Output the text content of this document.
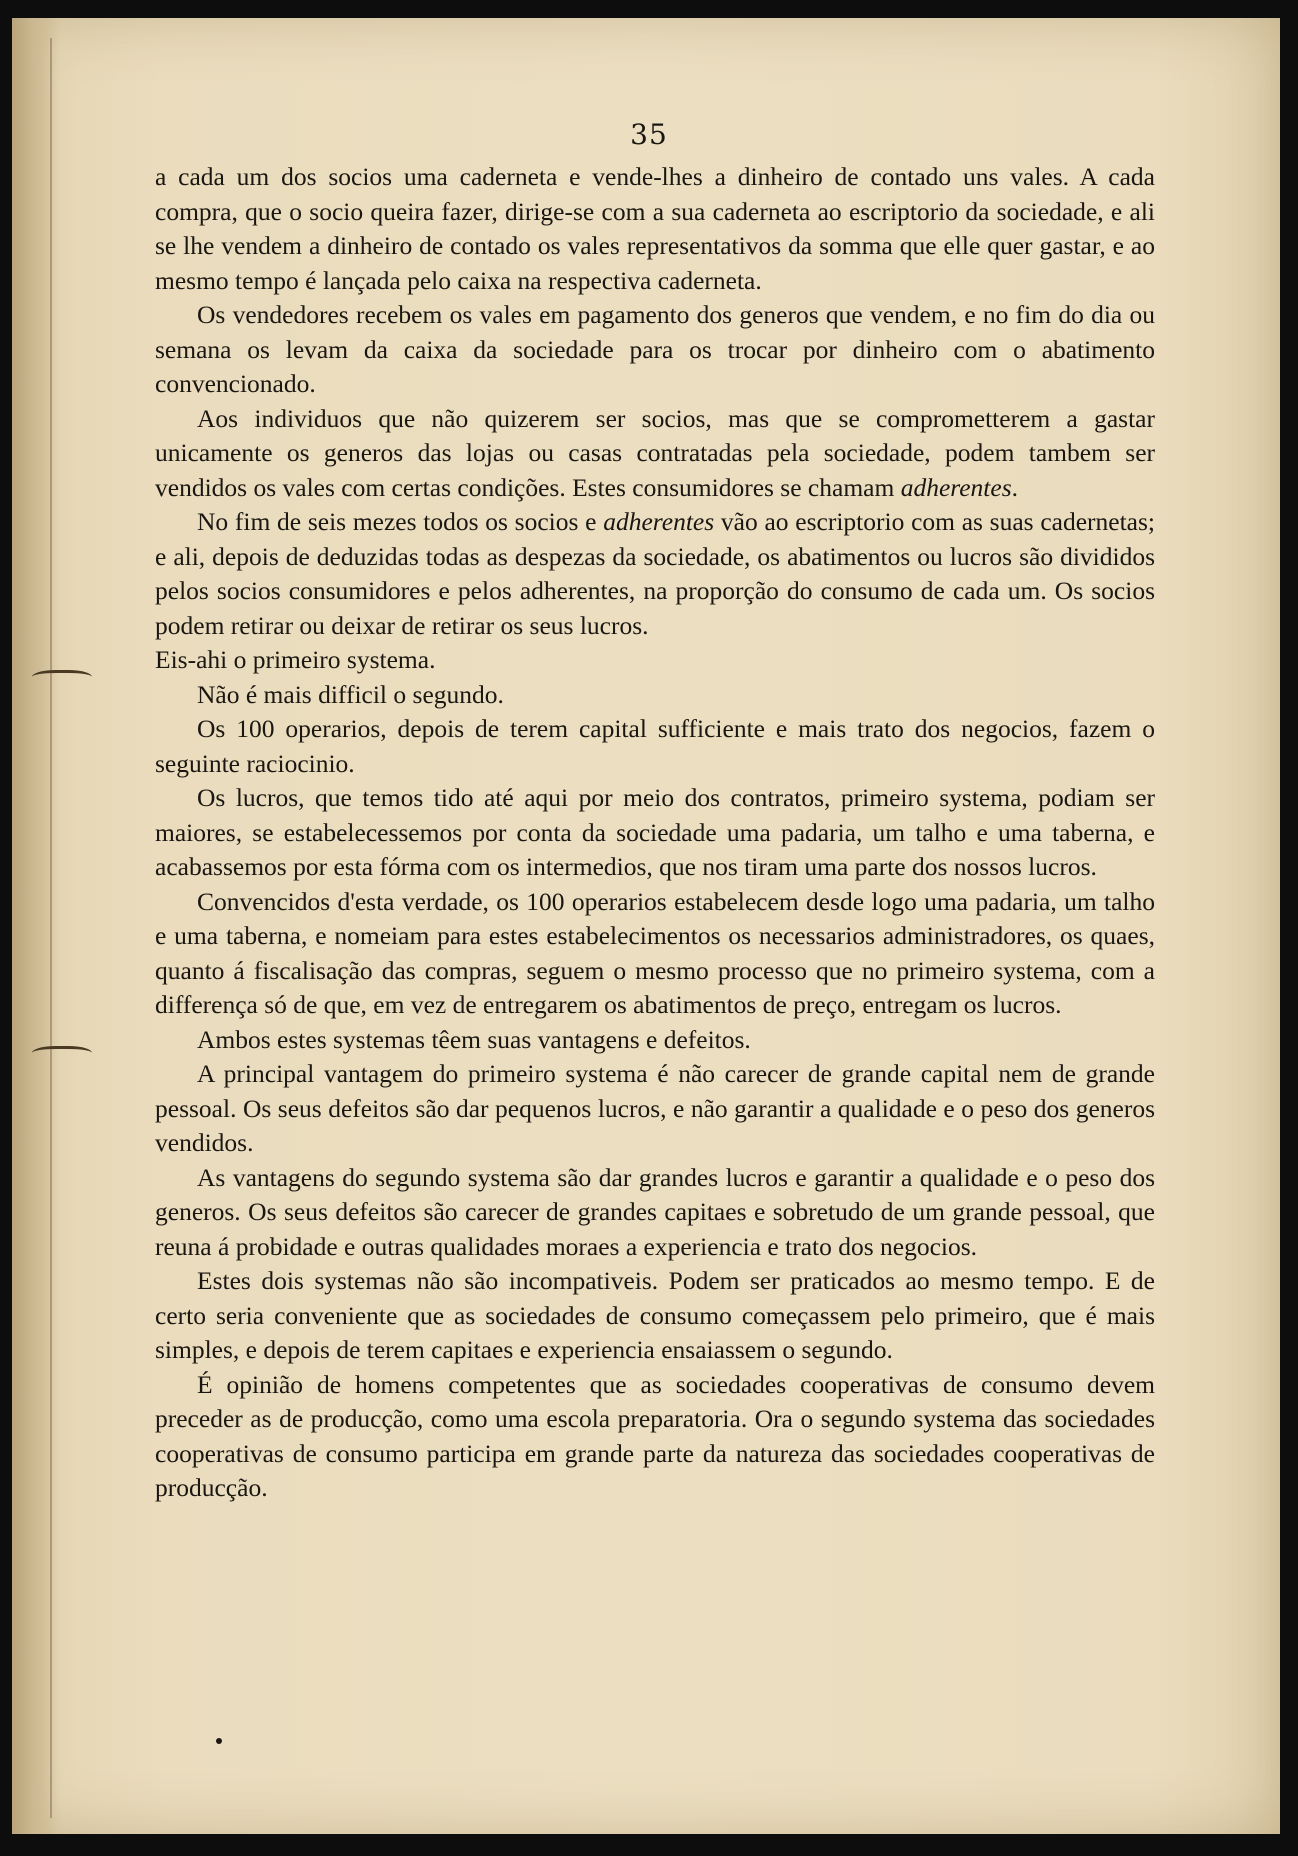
35

a cada um dos socios uma caderneta e vende-lhes a dinheiro de contado uns vales. A cada compra, que o socio queira fazer, dirige-se com a sua caderneta ao escriptorio da sociedade, e ali se lhe vendem a dinheiro de contado os vales representativos da somma que elle quer gastar, e ao mesmo tempo é lançada pelo caixa na respectiva caderneta.

Os vendedores recebem os vales em pagamento dos generos que vendem, e no fim do dia ou semana os levam da caixa da sociedade para os trocar por dinheiro com o abatimento convencionado.

Aos individuos que não quizerem ser socios, mas que se comprometterem a gastar unicamente os generos das lojas ou casas contratadas pela sociedade, podem tambem ser vendidos os vales com certas condições. Estes consumidores se chamam adherentes.

No fim de seis mezes todos os socios e adherentes vão ao escriptorio com as suas cadernetas; e ali, depois de deduzidas todas as despezas da sociedade, os abatimentos ou lucros são divididos pelos socios consumidores e pelos adherentes, na proporção do consumo de cada um. Os socios podem retirar ou deixar de retirar os seus lucros.
Eis-ahi o primeiro systema.

Não é mais difficil o segundo.

Os 100 operarios, depois de terem capital sufficiente e mais trato dos negocios, fazem o seguinte raciocinio.

Os lucros, que temos tido até aqui por meio dos contratos, primeiro systema, podiam ser maiores, se estabelecessemos por conta da sociedade uma padaria, um talho e uma taberna, e acabassemos por esta fórma com os intermedios, que nos tiram uma parte dos nossos lucros.

Convencidos d'esta verdade, os 100 operarios estabelecem desde logo uma padaria, um talho e uma taberna, e nomeiam para estes estabelecimentos os necessarios administradores, os quaes, quanto á fiscalisação das compras, seguem o mesmo processo que no primeiro systema, com a differença só de que, em vez de entregarem os abatimentos de preço, entregam os lucros.

Ambos estes systemas têem suas vantagens e defeitos.

A principal vantagem do primeiro systema é não carecer de grande capital nem de grande pessoal. Os seus defeitos são dar pequenos lucros, e não garantir a qualidade e o peso dos generos vendidos.

As vantagens do segundo systema são dar grandes lucros e garantir a qualidade e o peso dos generos. Os seus defeitos são carecer de grandes capitaes e sobretudo de um grande pessoal, que reuna á probidade e outras qualidades moraes a experiencia e trato dos negocios.

Estes dois systemas não são incompativeis. Podem ser praticados ao mesmo tempo. E de certo seria conveniente que as sociedades de consumo começassem pelo primeiro, que é mais simples, e depois de terem capitaes e experiencia ensaiassem o segundo.

É opinião de homens competentes que as sociedades cooperativas de consumo devem preceder as de producção, como uma escola preparatoria. Ora o segundo systema das sociedades cooperativas de consumo participa em grande parte da natureza das sociedades cooperativas de producção.
